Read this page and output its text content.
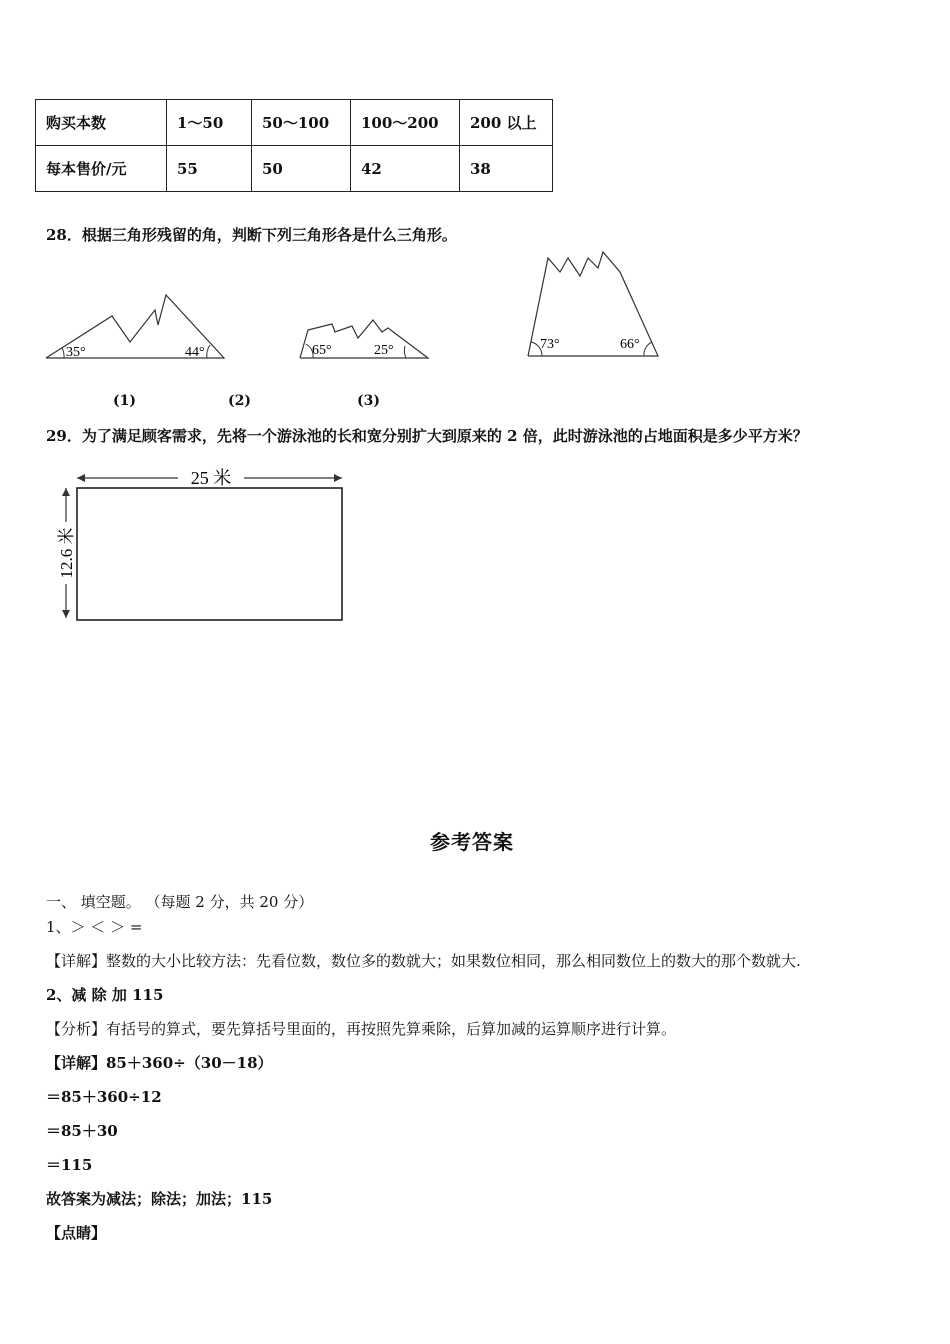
购买本数	1～50	50～100	100～200	200 以上
每本售价/元	55	50	42	38
28．根据三角形残留的角，判断下列三角形各是什么三角形。
35°	44°	65°	25°	73°	66°
(1)	(2)	(3)
29．为了满足顾客需求，先将一个游泳池的长和宽分别扩大到原来的 2 倍，此时游泳池的占地面积是多少平方米？
25 米
12.6 米
参考答案
一、 填空题。 （每题 2 分，共 20 分）
1、＞ ＜ ＞ =
【详解】整数的大小比较方法：先看位数，数位多的数就大；如果数位相同，那么相同数位上的数大的那个数就大.
2、减 除 加 115
【分析】有括号的算式，要先算括号里面的，再按照先算乘除，后算加减的运算顺序进行计算。
【详解】85＋360÷（30－18）
＝85＋360÷12
＝85＋30
＝115
故答案为减法；除法；加法；115
【点睛】
